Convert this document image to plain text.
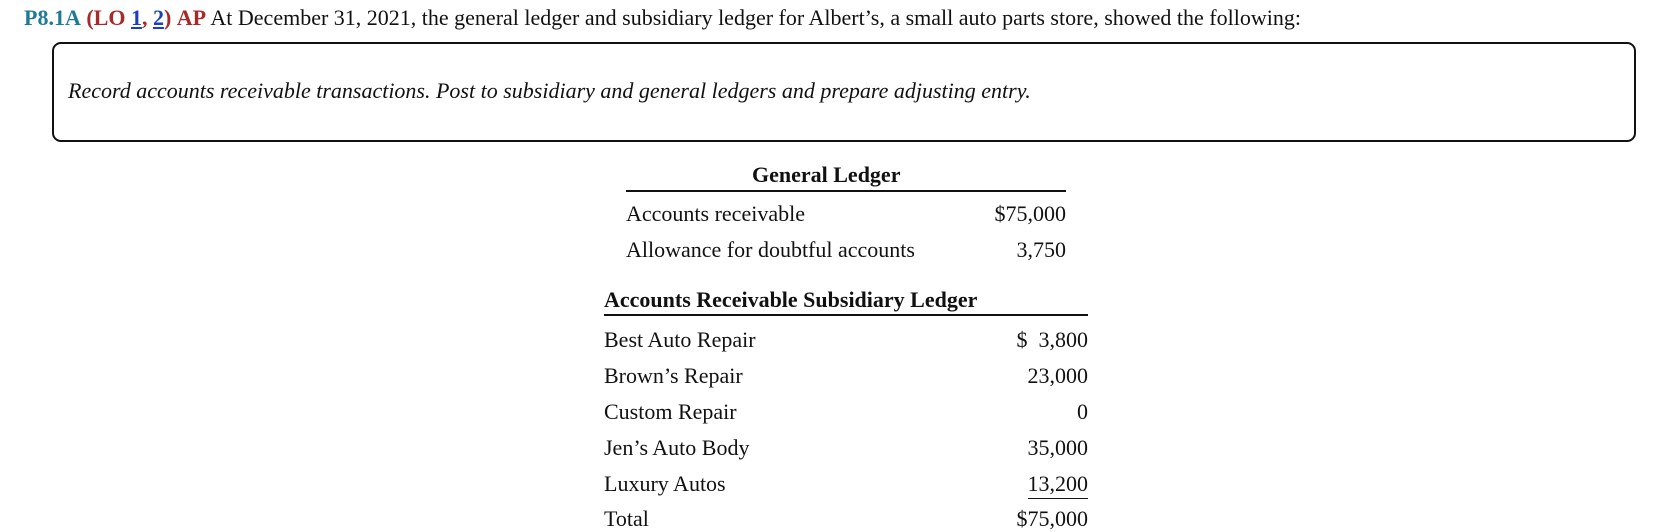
P8.1A (LO 1, 2) AP At December 31, 2021, the general ledger and subsidiary ledger for Albert’s, a small auto parts store, showed the following:
Record accounts receivable transactions. Post to subsidiary and general ledgers and prepare adjusting entry.
General Ledger
Accounts receivable	$75,000
Allowance for doubtful accounts	3,750
Accounts Receivable Subsidiary Ledger
Best Auto Repair	$  3,800
Brown’s Repair	23,000
Custom Repair	0
Jen’s Auto Body	35,000
Luxury Autos	13,200
Total	$75,000
